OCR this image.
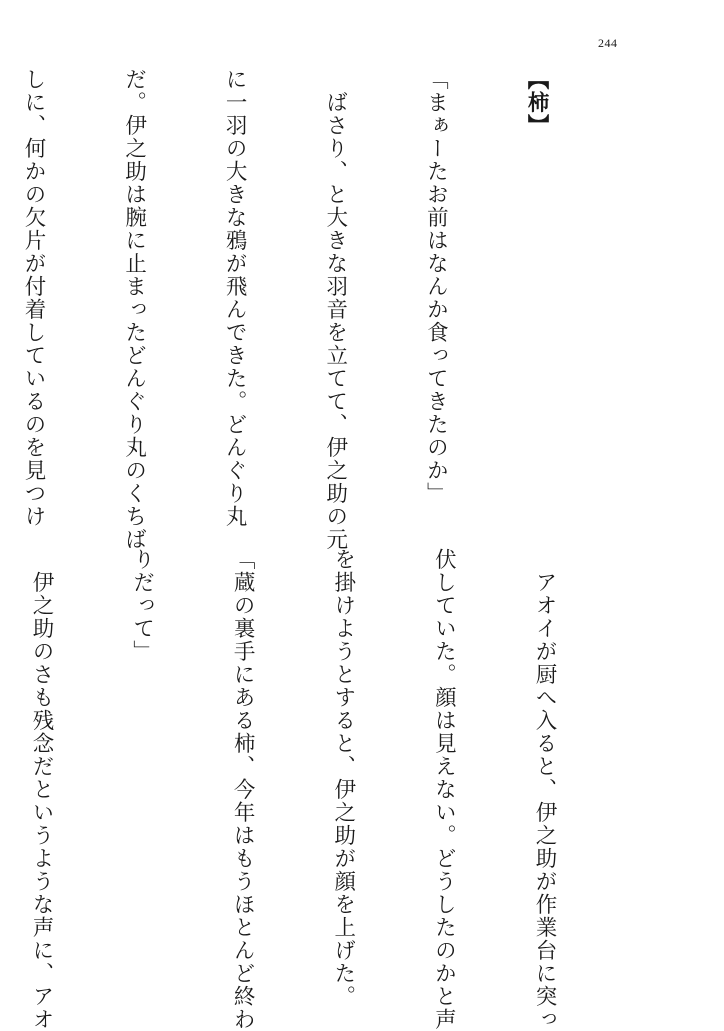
244

【柿】

「まぁーたお前はなんか食ってきたのか」

　ばさり、と大きな羽音を立てて、伊之助の元

に一羽の大きな鴉が飛んできた。どんぐり丸

だ。伊之助は腕に止まったどんぐり丸のくちば

しに、何かの欠片が付着しているのを見つけ

　アオイが厨へ入ると、伊之助が作業台に突っ

伏していた。顔は見えない。どうしたのかと声

を掛けようとすると、伊之助が顔を上げた。

「蔵の裏手にある柿、今年はもうほとんど終わ

りだって」

　伊之助のさも残念だというような声に、アオ
